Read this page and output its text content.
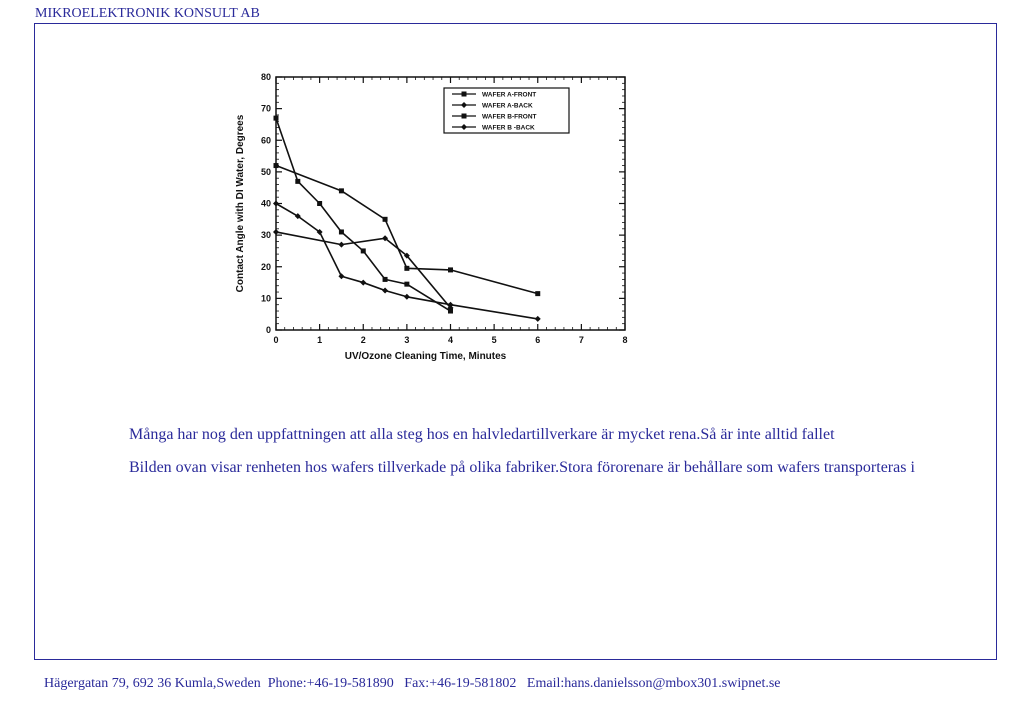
MIKROELEKTRONIK KONSULT AB
0
10
20
30
40
50
60
70
80
0	1	2	3	4	5	6	7	8
UV/Ozone Cleaning Time, Minutes
Contact Angle with DI Water, Degrees
WAFER A-FRONT
WAFER A-BACK
WAFER B-FRONT
WAFER B -BACK
Många har nog den uppfattningen att alla steg hos en halvledartillverkare är mycket rena.Så är inte alltid fallet
Bilden ovan visar renheten hos wafers tillverkade på olika fabriker.Stora förorenare är behållare som wafers transporteras i
Hägergatan 79, 692 36 Kumla,Sweden  Phone:+46-19-581890   Fax:+46-19-581802   Email:hans.danielsson@mbox301.swipnet.se
